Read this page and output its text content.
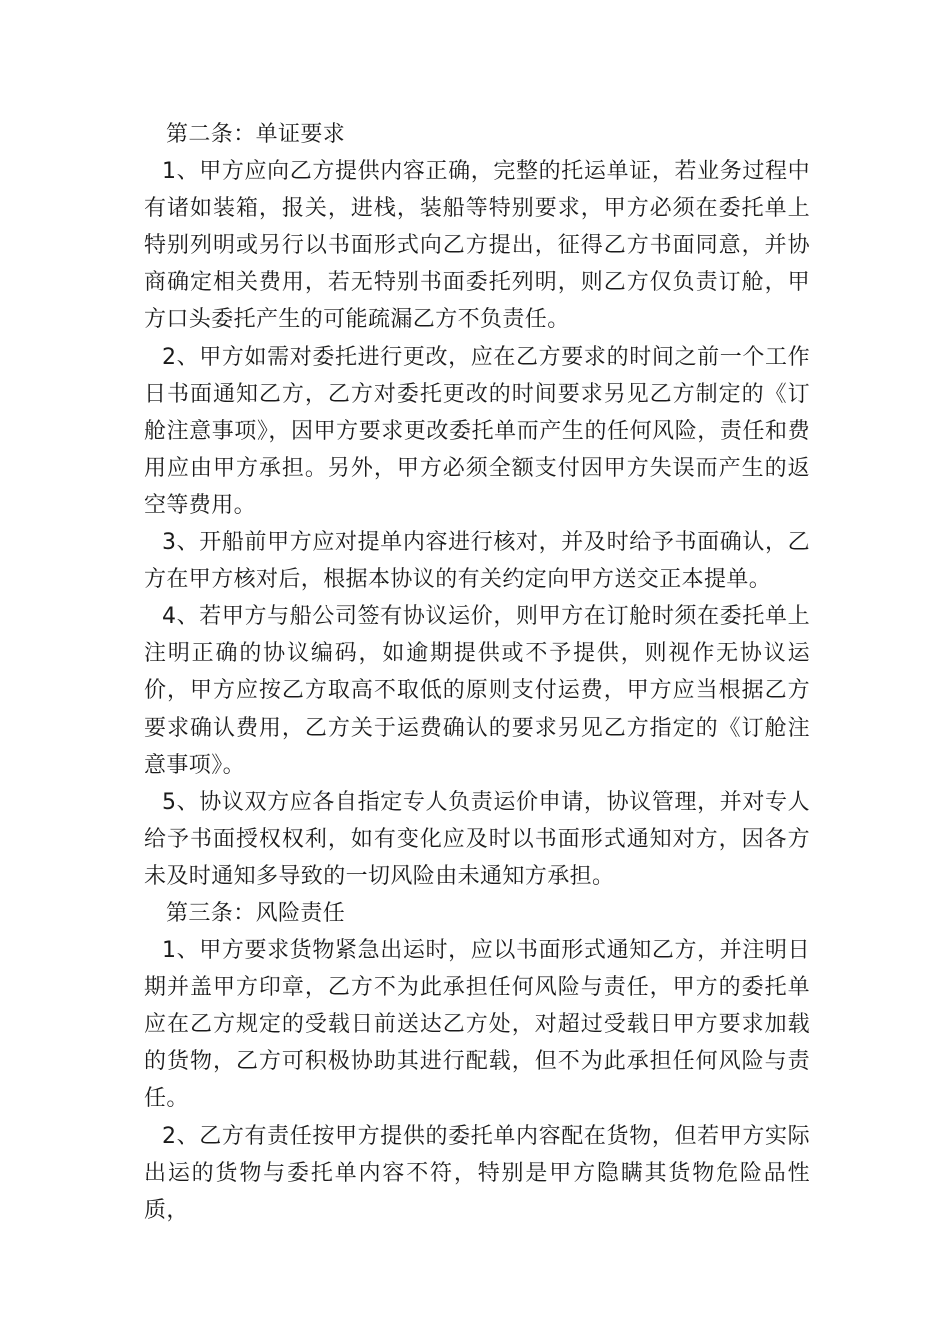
第二条：单证要求

1、甲方应向乙方提供内容正确，完整的托运单证，若业务过程中有诸如装箱，报关，进栈，装船等特别要求，甲方必须在委托单上特别列明或另行以书面形式向乙方提出，征得乙方书面同意，并协商确定相关费用，若无特别书面委托列明，则乙方仅负责订舱，甲方口头委托产生的可能疏漏乙方不负责任。

2、甲方如需对委托进行更改，应在乙方要求的时间之前一个工作日书面通知乙方，乙方对委托更改的时间要求另见乙方制定的《订舱注意事项》，因甲方要求更改委托单而产生的任何风险，责任和费用应由甲方承担。另外，甲方必须全额支付因甲方失误而产生的返空等费用。

3、开船前甲方应对提单内容进行核对，并及时给予书面确认，乙方在甲方核对后，根据本协议的有关约定向甲方送交正本提单。

4、若甲方与船公司签有协议运价，则甲方在订舱时须在委托单上注明正确的协议编码，如逾期提供或不予提供，则视作无协议运价，甲方应按乙方取高不取低的原则支付运费，甲方应当根据乙方要求确认费用，乙方关于运费确认的要求另见乙方指定的《订舱注意事项》。

5、协议双方应各自指定专人负责运价申请，协议管理，并对专人给予书面授权权利，如有变化应及时以书面形式通知对方，因各方未及时通知多导致的一切风险由未通知方承担。

第三条：风险责任

1、甲方要求货物紧急出运时，应以书面形式通知乙方，并注明日期并盖甲方印章，乙方不为此承担任何风险与责任，甲方的委托单应在乙方规定的受载日前送达乙方处，对超过受载日甲方要求加载的货物，乙方可积极协助其进行配载，但不为此承担任何风险与责任。

2、乙方有责任按甲方提供的委托单内容配在货物，但若甲方实际出运的货物与委托单内容不符，特别是甲方隐瞒其货物危险品性质，
